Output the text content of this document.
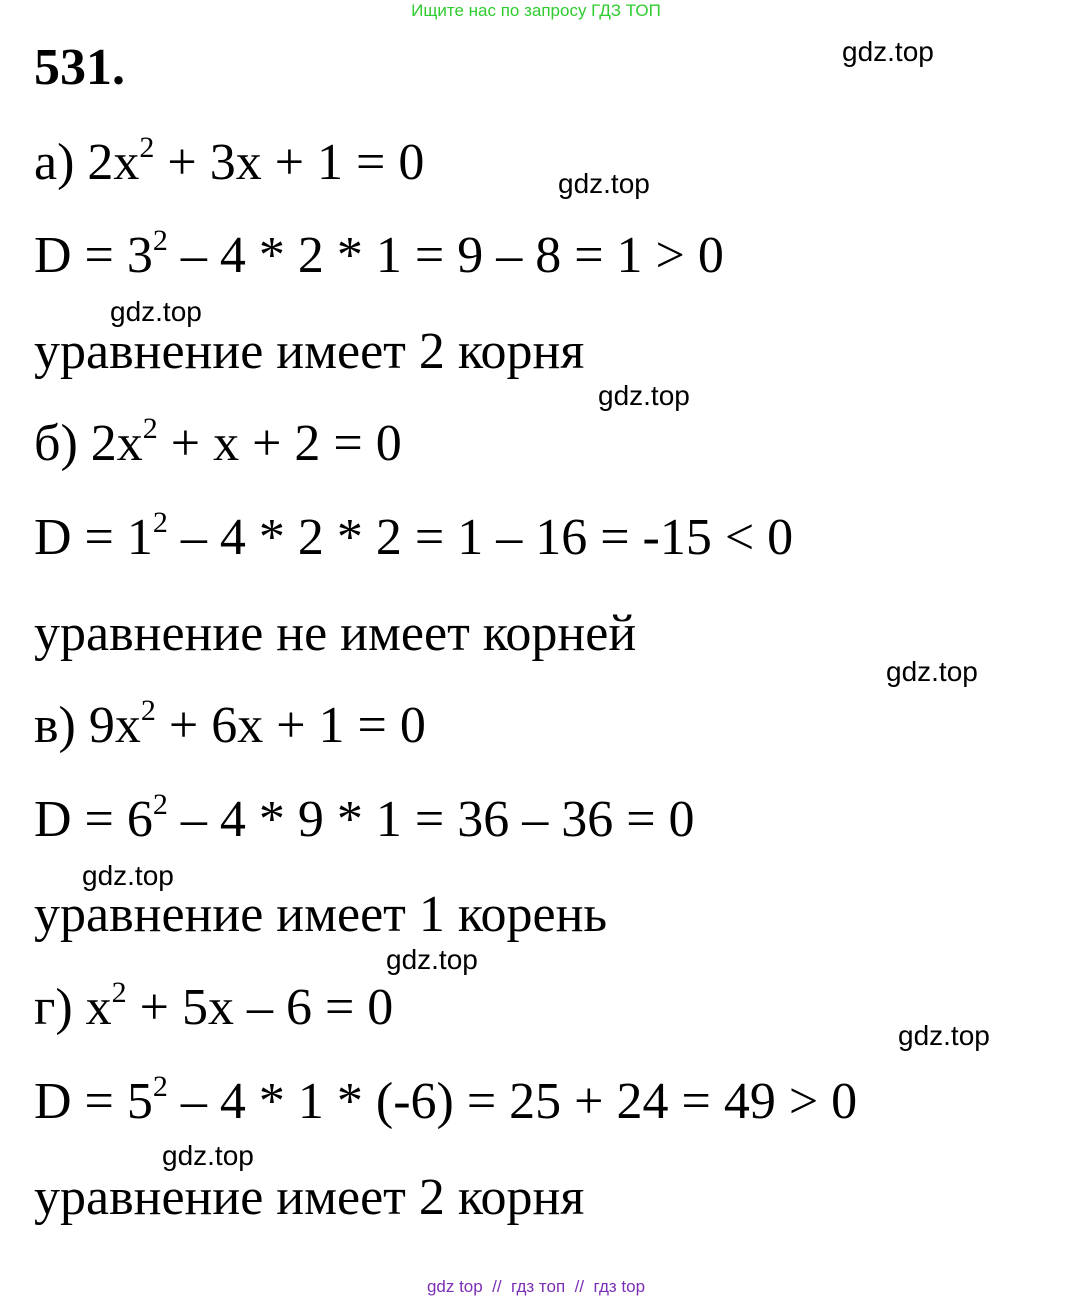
Ищите нас по запросу ГДЗ ТОП
531.
а) $2x^2 + 3x + 1 = 0$
$D = 3^2 - 4 * 2 * 1 = 9 - 8 = 1 > 0$
уравнение имеет 2 корня
б) $2x^2 + x + 2 = 0$
$D = 1^2 - 4 * 2 * 2 = 1 - 16 = -15 < 0$
уравнение не имеет корней
в) $9x^2 + 6x + 1 = 0$
$D = 6^2 - 4 * 9 * 1 = 36 - 36 = 0$
уравнение имеет 1 корень
г) $x^2 + 5x - 6 = 0$
$D = 5^2 - 4 * 1 * (-6) = 25 + 24 = 49 > 0$
уравнение имеет 2 корня
gdz.top
gdz.top
gdz.top
gdz.top
gdz.top
gdz.top
gdz.top
gdz.top
gdz.top
gdz top  //  гдз топ  //  гдз top
